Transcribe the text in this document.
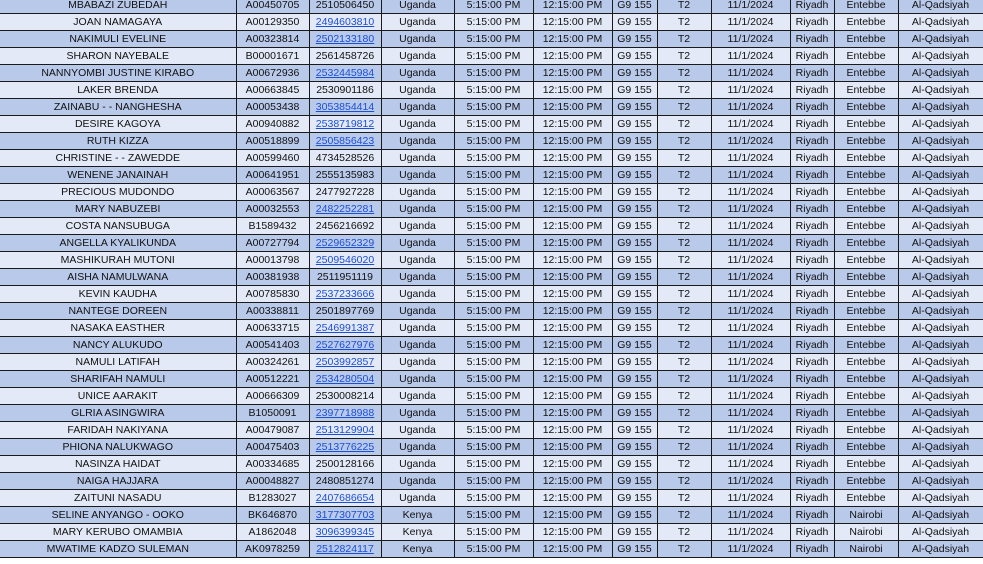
MBABAZI ZUBEDAH	A00450705	2510506450	Uganda	5:15:00 PM	12:15:00 PM	G9 155	T2	11/1/2024	Riyadh	Entebbe	Al-Qadsiyah
JOAN NAMAGAYA	A00129350	2494603810	Uganda	5:15:00 PM	12:15:00 PM	G9 155	T2	11/1/2024	Riyadh	Entebbe	Al-Qadsiyah
NAKIMULI EVELINE	A00323814	2502133180	Uganda	5:15:00 PM	12:15:00 PM	G9 155	T2	11/1/2024	Riyadh	Entebbe	Al-Qadsiyah
SHARON NAYEBALE	B00001671	2561458726	Uganda	5:15:00 PM	12:15:00 PM	G9 155	T2	11/1/2024	Riyadh	Entebbe	Al-Qadsiyah
NANNYOMBI JUSTINE KIRABO	A00672936	2532445984	Uganda	5:15:00 PM	12:15:00 PM	G9 155	T2	11/1/2024	Riyadh	Entebbe	Al-Qadsiyah
LAKER BRENDA	A00663845	2530901186	Uganda	5:15:00 PM	12:15:00 PM	G9 155	T2	11/1/2024	Riyadh	Entebbe	Al-Qadsiyah
ZAINABU - - NANGHESHA	A00053438	3053854414	Uganda	5:15:00 PM	12:15:00 PM	G9 155	T2	11/1/2024	Riyadh	Entebbe	Al-Qadsiyah
DESIRE KAGOYA	A00940882	2538719812	Uganda	5:15:00 PM	12:15:00 PM	G9 155	T2	11/1/2024	Riyadh	Entebbe	Al-Qadsiyah
RUTH KIZZA	A00518899	2505856423	Uganda	5:15:00 PM	12:15:00 PM	G9 155	T2	11/1/2024	Riyadh	Entebbe	Al-Qadsiyah
CHRISTINE - - ZAWEDDE	A00599460	4734528526	Uganda	5:15:00 PM	12:15:00 PM	G9 155	T2	11/1/2024	Riyadh	Entebbe	Al-Qadsiyah
WENENE JANAINAH	A00641951	2555135983	Uganda	5:15:00 PM	12:15:00 PM	G9 155	T2	11/1/2024	Riyadh	Entebbe	Al-Qadsiyah
PRECIOUS MUDONDO	A00063567	2477927228	Uganda	5:15:00 PM	12:15:00 PM	G9 155	T2	11/1/2024	Riyadh	Entebbe	Al-Qadsiyah
MARY NABUZEBI	A00032553	2482252281	Uganda	5:15:00 PM	12:15:00 PM	G9 155	T2	11/1/2024	Riyadh	Entebbe	Al-Qadsiyah
COSTA NANSUBUGA	B1589432	2456216692	Uganda	5:15:00 PM	12:15:00 PM	G9 155	T2	11/1/2024	Riyadh	Entebbe	Al-Qadsiyah
ANGELLA KYALIKUNDA	A00727794	2529652329	Uganda	5:15:00 PM	12:15:00 PM	G9 155	T2	11/1/2024	Riyadh	Entebbe	Al-Qadsiyah
MASHIKURAH MUTONI	A00013798	2509546020	Uganda	5:15:00 PM	12:15:00 PM	G9 155	T2	11/1/2024	Riyadh	Entebbe	Al-Qadsiyah
AISHA NAMULWANA	A00381938	2511951119	Uganda	5:15:00 PM	12:15:00 PM	G9 155	T2	11/1/2024	Riyadh	Entebbe	Al-Qadsiyah
KEVIN KAUDHA	A00785830	2537233666	Uganda	5:15:00 PM	12:15:00 PM	G9 155	T2	11/1/2024	Riyadh	Entebbe	Al-Qadsiyah
NANTEGE DOREEN	A00338811	2501897769	Uganda	5:15:00 PM	12:15:00 PM	G9 155	T2	11/1/2024	Riyadh	Entebbe	Al-Qadsiyah
NASAKA EASTHER	A00633715	2546991387	Uganda	5:15:00 PM	12:15:00 PM	G9 155	T2	11/1/2024	Riyadh	Entebbe	Al-Qadsiyah
NANCY ALUKUDO	A00541403	2527627976	Uganda	5:15:00 PM	12:15:00 PM	G9 155	T2	11/1/2024	Riyadh	Entebbe	Al-Qadsiyah
NAMULI LATIFAH	A00324261	2503992857	Uganda	5:15:00 PM	12:15:00 PM	G9 155	T2	11/1/2024	Riyadh	Entebbe	Al-Qadsiyah
SHARIFAH NAMULI	A00512221	2534280504	Uganda	5:15:00 PM	12:15:00 PM	G9 155	T2	11/1/2024	Riyadh	Entebbe	Al-Qadsiyah
UNICE AARAKIT	A00666309	2530008214	Uganda	5:15:00 PM	12:15:00 PM	G9 155	T2	11/1/2024	Riyadh	Entebbe	Al-Qadsiyah
GLRIA ASINGWIRA	B1050091	2397718988	Uganda	5:15:00 PM	12:15:00 PM	G9 155	T2	11/1/2024	Riyadh	Entebbe	Al-Qadsiyah
FARIDAH NAKIYANA	A00479087	2513129904	Uganda	5:15:00 PM	12:15:00 PM	G9 155	T2	11/1/2024	Riyadh	Entebbe	Al-Qadsiyah
PHIONA NALUKWAGO	A00475403	2513776225	Uganda	5:15:00 PM	12:15:00 PM	G9 155	T2	11/1/2024	Riyadh	Entebbe	Al-Qadsiyah
NASINZA HAIDAT	A00334685	2500128166	Uganda	5:15:00 PM	12:15:00 PM	G9 155	T2	11/1/2024	Riyadh	Entebbe	Al-Qadsiyah
NAIGA HAJJARA	A00048827	2480851274	Uganda	5:15:00 PM	12:15:00 PM	G9 155	T2	11/1/2024	Riyadh	Entebbe	Al-Qadsiyah
ZAITUNI NASADU	B1283027	2407686654	Uganda	5:15:00 PM	12:15:00 PM	G9 155	T2	11/1/2024	Riyadh	Entebbe	Al-Qadsiyah
SELINE ANYANGO - OOKO	BK646870	3177307703	Kenya	5:15:00 PM	12:15:00 PM	G9 155	T2	11/1/2024	Riyadh	Nairobi	Al-Qadsiyah
MARY KERUBO OMAMBIA	A1862048	3096399345	Kenya	5:15:00 PM	12:15:00 PM	G9 155	T2	11/1/2024	Riyadh	Nairobi	Al-Qadsiyah
MWATIME KADZO SULEMAN	AK0978259	2512824117	Kenya	5:15:00 PM	12:15:00 PM	G9 155	T2	11/1/2024	Riyadh	Nairobi	Al-Qadsiyah
